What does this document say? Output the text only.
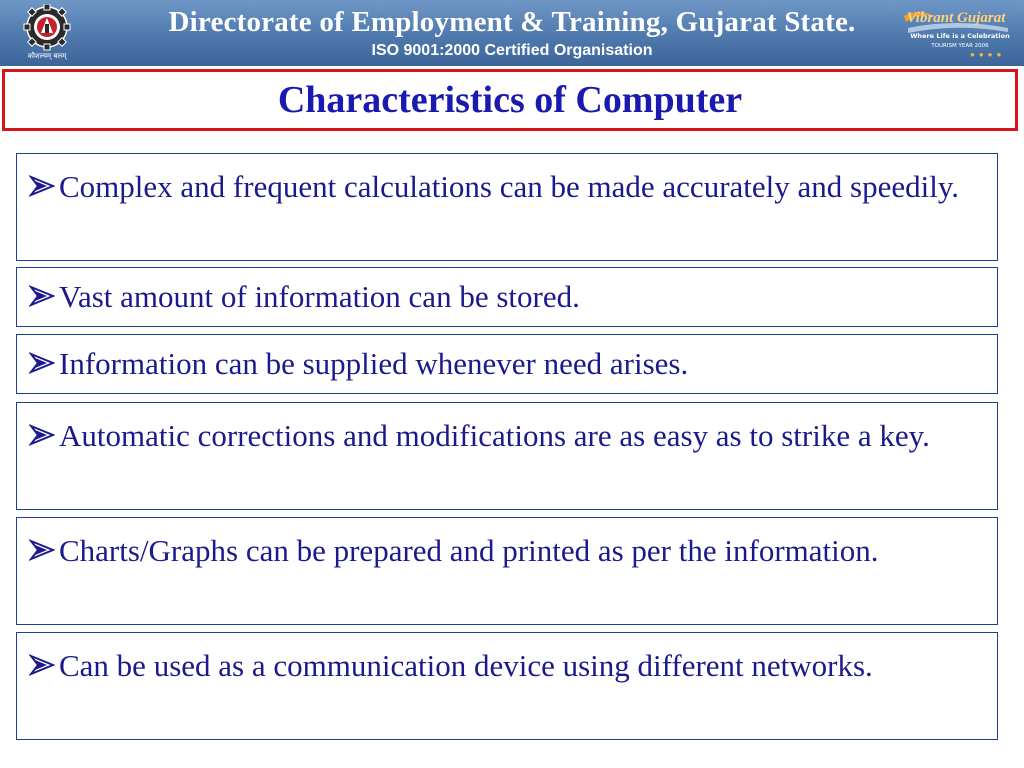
कौशल्यम् बलम्
Directorate of Employment & Training, Gujarat State.
ISO 9001:2000 Certified Organisation
Vibrant Gujarat
Where Life is a Celebration
TOURISM YEAR 2006
● ● ● ●
Characteristics of Computer

Complex and frequent calculations can be made accurately and speedily.

Vast amount of information can be stored.

Information can be supplied whenever need arises.

Automatic corrections and modifications are as easy as to strike a key.

Charts/Graphs can be prepared and printed as per the information.

Can be used as a communication device using different networks.
